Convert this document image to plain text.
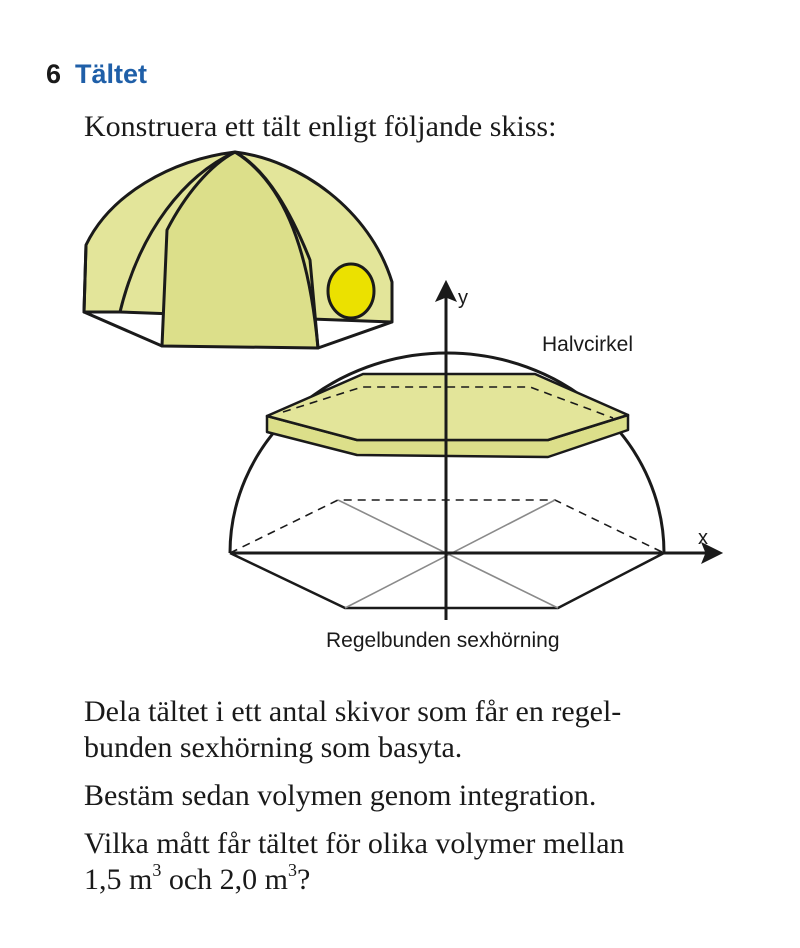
6 Tältet
Konstruera ett tält enligt följande skiss:
y
x
Halvcirkel
Regelbunden sexhörning

Dela tältet i ett antal skivor som får en regel-
bunden sexhörning som basyta.

Bestäm sedan volymen genom integration.

Vilka mått får tältet för olika volymer mellan
1,5 $m^3$ och 2,0 $m^3$?
